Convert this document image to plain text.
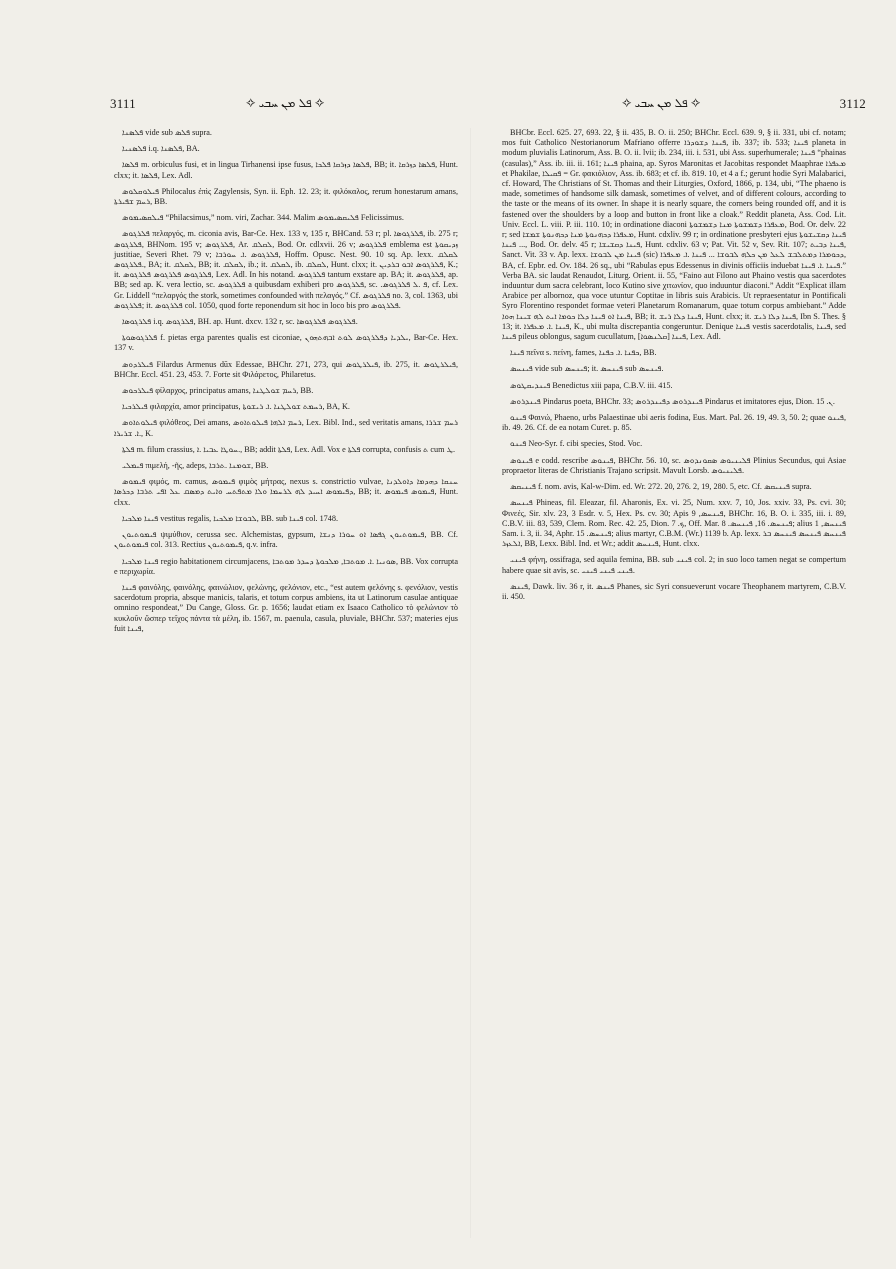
3111	✧ ܦܠ ܡܢ ܚܒܝ ✧	✧ ܦܠ ܡܢ ܚܒܝ ✧	3112

ܦܠܣܢܐ vide sub ܦܠܣ supra.

ܦܠܣܢܝܐ i.q. ܦܠܣܢܐ, BA.

ܦܠܣܐ m. orbiculus fusi, et in lingua Tirhanensi ipse fusus, ܦܠܣܐ ܕܙܪܩܐ ܦܠܟܐ, BB; it. ܦܠܣܐ ܕܙܪܩܐ, Hunt. clxx; it. ܦܠܣܐ, Lex. Adl.

ܦܝܠܘܩܠܘܣ Philocalus ἐπὶς Zagylensis, Syn. ii. Eph. 12. 23; it. φιλόκαλος, rerum honestarum amans, ܪܚܡ ܫܦܝܪܬܐ, BB.

ܦܝܠܩܣܝܡܘܣ “Philacsimus,” nom. viri, Zachar. 344. Malim ܦܠܝܩܣܝܡܘܣ Felicissimus.

ܦܠܪܓܘܣ πελαργός, m. ciconia avis, Bar-Ce. Hex. 133 v, 135 r, BHCand. 53 r; pl. ܦܠܪܓܘܣܐ, ib. 275 r; ܦܠܪܓܘܣ, BHNom. 195 v; ܦܠܪܓܘܣ, Ar. ܠܩܠܩ, Bod. Or. cdlxvii. 26 v; ܦܠܪܓܘܣ emblema est ܙܕܝܩܘܬܐ justitiae, Severi Rhet. 79 v; ܦܠܪܓܘܣ .ܐ. ܚܘܪܒܐ, Hoffm. Opusc. Nest. 90. 10 sq. Ap. lexx. ܠܩܠܩ .ܦܠܪܓܘܣ, BA; it. ܠܩܠܩ, BB; it. ܠܩܠܩ, ib.; it. ܠܩܠܩ, ib. ܠܩܠܩ, Hunt. clxx; it. ܦܠܪܓܘܣ ܐܒܘ ܒܪܕܝܢ, K.; it. ܦܠܪܓܘܣ ܦܠܪܓܘܣ ܦܠܪܓܘܣ, Lex. Adl. In his notand. ܦܠܪܓܘܣ tantum exstare ap. BA; it. ܦܠܪܓܘܣ, ap. BB; sed ap. K. vera lectio, sc. ܦܠܪܓܘܣ a quibusdam exhiberi pro ܦܠܪܓܘܣ, sc. .ܦ .ܠ ܦܠܪܓܘܣ, cf. Lex. Gr. Liddell “πελαργός the stork, sometimes confounded with πελαγός.” Cf. ܦܠܪܓܘܣ no. 3, col. 1363, ubi ܦܠܪܓܘܣ; it. ܦܠܪܓܘܣ col. 1050, quod forte reponendum sit hoc in loco bis pro ܦܠܪܓܘܣ.

ܦܠܪܓܘܣܐ i.q. ܦܠܪܓܘܣ, BH. ap. Hunt. dxcv. 132 r, sc. ܦܠܪܓܘܣ ܦܠܪܓܘܣܐ.

ܦܠܪܓܘܣܘܬܐ f. pietas erga parentes qualis est ciconiae, ܝܠܕܝܐ ܕܦܠܪܓܘܣ ܠܘܬ ܐܒܗܬܗܘܢ, Bar-Ce. Hex. 137 v.

ܦܝܠܪܕܘܣ Filardus Armenus dūx Edessae, BHChr. 271, 273, qui ܦܝܠܪܛܘܣ, ib. 275, it. ܦܝܠܪܛܘܣ, BHChr. Eccl. 451. 23, 453. 7. Forte sit Φιλάρετος, Philaretus.

ܦܝܠܪܟܘܣ φίλαρχος, principatus amans, ܪܚܡ ܫܘܠܛܢܐ, BB.

ܦܝܠܪܟܝܐ φιλαρχία, amor principatus, ܪܚܡܬ ܫܘܠܛܢܐ .ܐ. ܪܝܫܘܬܐ, BA, K.

ܦܝܠܘܬܐܘܣ φιλόθεος, Dei amans, ܪܚܡ ܐܠܗܐ ܦܝܠܘܬܐܘܣ, Lex. Bibl. Ind., sed veritatis amans, ܪܚܡ ܫܪܪܐ .ܐ. ܫܪܝܪܐ, K.

ܦܠܬܐ m. filum crassius, ܚܘܛܐ ܥܒܝܐ .ܐ., BB; addit ܦܠܬܐ, Lex. Adl. Vox e ܦܠܬܐ corrupta, confusis ܬ cum ܛ.

ܦܝܡܠܝ πιμελή, -ῆς, adeps, ܫܘܡܢܐ .ܬܪܒܐ, BB.

ܦܝܡܘܣ φιμός, m. camus, ܦܝܡܘܣ φιμὸς μήτρας, nexus s. constrictio vulvae, ܚܢܩܐ ܕܗܕܡܐ ܕܐܘܠܕܢܐ ܕܦܝܡܘܣ ܐܚܝܕ ܠܗ ܠܪܚܡܐ ܘܠܐ ܡܬܦܬܚ ܘܐܝܬ ܕܡܣܩ ܥܠ ܐܦܝ ܬܪܒܐ ܕܟܪܣܐ, BB; it. ܦܝܡܘܣ ܦܝܡܘܣ, Hunt. clxx.

ܦܝܢܐ ܡܠܟܝܐ vestitus regalis, ܠܒܘܫܐ ܡܠܟܝܐ, BB. sub ܦܝܢܐ col. 1748.

ܦܝܡܘܬܝܘܢ ψιμύθιον, cerussa sec. Alchemistas, gypsum, ܦܝܡܘܬܝܘܢ ܓܦܣܐ ܐܘ ܚܘܪܐ ܕܢܫܐ, BB. Cf. ܦܝܡܘܬܝܘܢ col. 313. Rectius ܦܝܡܘܬܝܘܢ, q.v. infra.

ܦܝܢܐ ܡܠܟܝܐ regio habitationem circumjacens, ܣܘܢܝܐ .ܐ. ܡܘܬܒܐ, ܡܠܟܘܬܐ ܕܚܕܪ ܡܘܬܒܐ, BB. Vox corrupta e περιχωρία.

ܦܝܢܐ φαινόλης, φαινόλης, φαινώλιον, φελώνης, φελόνιον, etc., “est autem φελόνης s. φενόλιον, vestis sacerdotum propria, absque manicis, talaris, et totum corpus ambiens, ita ut Latinorum casulae antiquae omnino respondeat,” Du Cange, Gloss. Gr. p. 1656; laudat etiam ex Isaaco Catholico τὸ φελώνιον τὸ κυκλοῦν ὥσπερ τεῖχος πάντα τὰ μέλη, ib. 1567, m. paenula, casula, pluviale, BHChr. 537; materies ejus fuit ܦܝܢܐ,

BHCbr. Eccl. 625. 27, 693. 22, § ii. 435, B. O. ii. 250; BHChr. Eccl. 639. 9, § ii. 331, ubi cf. notam; mos fuit Catholico Nestorianorum Mafriano offerre ܦܝܢܐ ܕܫܘܕܪܐ, ib. 337; ib. 533; ܦܝܢܐ planeta in modum pluvialis Latinorum, Ass. B. O. ii. lvii; ib. 234, iii. i. 531, ubi Ass. superhumerale; ܦܝܢܐ “phainas (casulas),” Ass. ib. iii. ii. 161; ܦܝܢܐ phaina, ap. Syros Maronitas et Jacobitas respondet Maaphrae ܡܥܦܪܐ et Phakilae, ܦܩܝܠܐ = Gr. φακιόλιον, Ass. ib. 683; et cf. ib. 819. 10, et 4 a f.; gerunt hodie Syri Malabarici, cf. Howard, The Christians of St. Thomas and their Liturgies, Oxford, 1866, p. 134, ubi, “The phaeno is made, sometimes of handsome silk damask, sometimes of velvet, and of different colours, according to the taste or the means of its owner. In shape it is nearly square, the corners being rounded off, and it is fastened over the shoulders by a loop and button in front like a cloak.” Reddit planeta, Ass. Cod. Lit. Univ. Eccl. L. viii. P. iii. 110. 10; in ordinatione diaconi ܡܥܦܪܐ ܕܫܡܫܘܬܐ ܡܢܐ ܕܫܡܫܘܬܐ, Bod. Or. delv. 22 r; sed ܡܥܦܪܐ ܕܟܗܢܘܬܐ ܡܢܐ ܕܟܗܢܘܬܐ ܫܡܫܐ, Hunt. cdxliv. 99 r; in ordinatione presbyteri ejus ܦܝܢܐ ܕܩܫܝܫܘܬܐ ... ܦܝܢܐ, Bod. Or. delv. 45 r; ܦܝܢܐ ܕܩܫܝܫܐ, Hunt. cdxliv. 63 v; Pat. Vit. 52 v, Sev. Rit. 107; ܦܝܢܐ ܕܒܝܬ, Sanct. Vit. 33 v. Ap. lexx. ܦܝܢܐ ܡܢ ܠܒܘܫܐ (sic) ܕܟܘܡܪܐ ܕܡܬܠܒܫ ܠܥܠ ܡܢ ܟܠܗ ܠܒܘܫܐ ... ܦܝܢܐ .ܐ. ܡܥܦܪܐ, BA, cf. Epbr. ed. Ov. 184. 26 sq., ubi “Rabulas epus Edessenus in divinis officiis induebat ܦܝܢܐ .ܐ. ܦܝܢܐ.” Verba BA. sic laudat Renaudot, Liturg. Orient. ii. 55, “Faino aut Filono aut Phaino vestis qua sacerdotes induuntur dum sacra celebrant, loco Kutino sive χιτωνίον, quo induuntur diaconi.” Addit “Explicat illam Arabice per albornoz, qua voce utuntur Coptitae in libris suis Arabicis. Ut repraesentatur in Pontificali Syro Florentino respondet formae veteri Planetarum Romanarum, quae totum corpus ambiebant.” Adde ܦܝܢܐ ܐܘ ܦܝܢܐ ܕܠܐ ܟܘܡܐ ܐܝܬ ܠܗ ܫܝܢܐ ܗܘܐ, BB; it. ܦܝܢܐ ܕܠܐ ܪܝܫ, Hunt. clxx; it. ܦܝܢܐ ܕܠܐ ܪܝܫ, Ibn S. Thes. § 13; it. ܦܝܢܐ .ܐ. ܡܥܦܪܐ, K., ubi multa discrepantia congeruntur. Denique ܦܝܢܐ vestis sacerdotalis, ܦܝܢܐ, sed ܦܝܢܐ pileus oblongus, sagum cucullatum, ܦܝܢܐ [ܩܠܢܣܘܐ], Lex. Adl.

ܦܝܢܐ πεῖνα s. πείνη, fames, ܟܦܢܐ .ܐ. ܟܦܢܐ, BB.

ܦܝܢܚܣ vide sub ܦܝܢܚܣ; it. ܦܝܢܚܣ sub ܦܝܢܚܣ.

ܦܝܢܕܝܩܛܘܣ Benedictus xiii papa, C.B.V. iii. 415.

ܦܝܢܕܪܘܣ Pindarus poeta, BHChr. 33; ܦܝܢܕܪܘܣ ܕܦܝܢܕܪܘܣ Pindarus et imitatores ejus, Dion. ܢ. 15.

ܦܝܢܘ Φαινώ, Phaeno, urbs Palaestinae ubi aeris fodina, Eus. Mart. Pal. 26. 19, 49. 3, 50. 2; quae ܦܝܢܘ, ib. 49. 26. Cf. de ea notam Curet. p. 85.

ܦܝܢܘ Neo-Syr. f. cibi species, Stod. Voc.

ܦܝܢܘܣ e codd. rescribe ܦܝܢܘܣ, BHChr. 56. 10, sc. ܦܠܝܢܝܘܣ ܣܩܘܢܕܘܣ Plinius Secundus, qui Asiae propraetor literas de Christianis Trajano scripsit. Mavult Lorsb. ܦܠܝܢܝܘܣ.

ܦܝܢܝܩܣ f. nom. avis, Kal-w-Dim. ed. Wr. 272. 20, 276. 2, 19, 280. 5, etc. Cf. ܦܝܢܝܩܣ supra.

ܦܝܢܚܣ Phineas, fil. Eleazar, fil. Aharonis, Ex. vi. 25, Num. xxv. 7, 10, Jos. xxiv. 33, Ps. cvi. 30; Φινεές, Sir. xlv. 23, 3 Esdr. v. 5, Hex. Ps. cv. 30; Apis ܦܝܢܚܣ, 9, BHChr. 16, B. O. i. 335, iii. i. 89, C.B.V. iii. 83, 539, Clem. Rom. Rec. 42. 25, Dion. ܟ. 7, Off. Mar. ܦܝܢܚܣ. 16, ܦܝܢܚܣ. 8; alius ܦܝܢܚܣ, 1 Sam. i. 3, ii. 34, Aphr. ܦܝܢܚܣ. 15; alius martyr, C.B.M. (Wr.) 1139 b. Ap. lexx. ܦܝܢܚܣ ܦܝܢܚܣ ܦܝܢܚܣ ܒܪ ܐܠܥܙܪ, BB, Lexx. Bibl. Ind. et Wr.; addit ܦܝܢܚܣ, Hunt. clxx.

ܦܝܢܝ φήνη, ossifraga, sed aquila femina, BB. sub ܦܝܢܝ col. 2; in suo loco tamen negat se compertum habere quae sit avis, sc. ܦܝܢܝ ܦܝܢܝ ܦܝܢܝ.

ܦܝܢܣ, Dawk. liv. 36 r, it. ܦܝܢܣ Phanes, sic Syri consueverunt vocare Theophanem martyrem, C.B.V. ii. 450.
